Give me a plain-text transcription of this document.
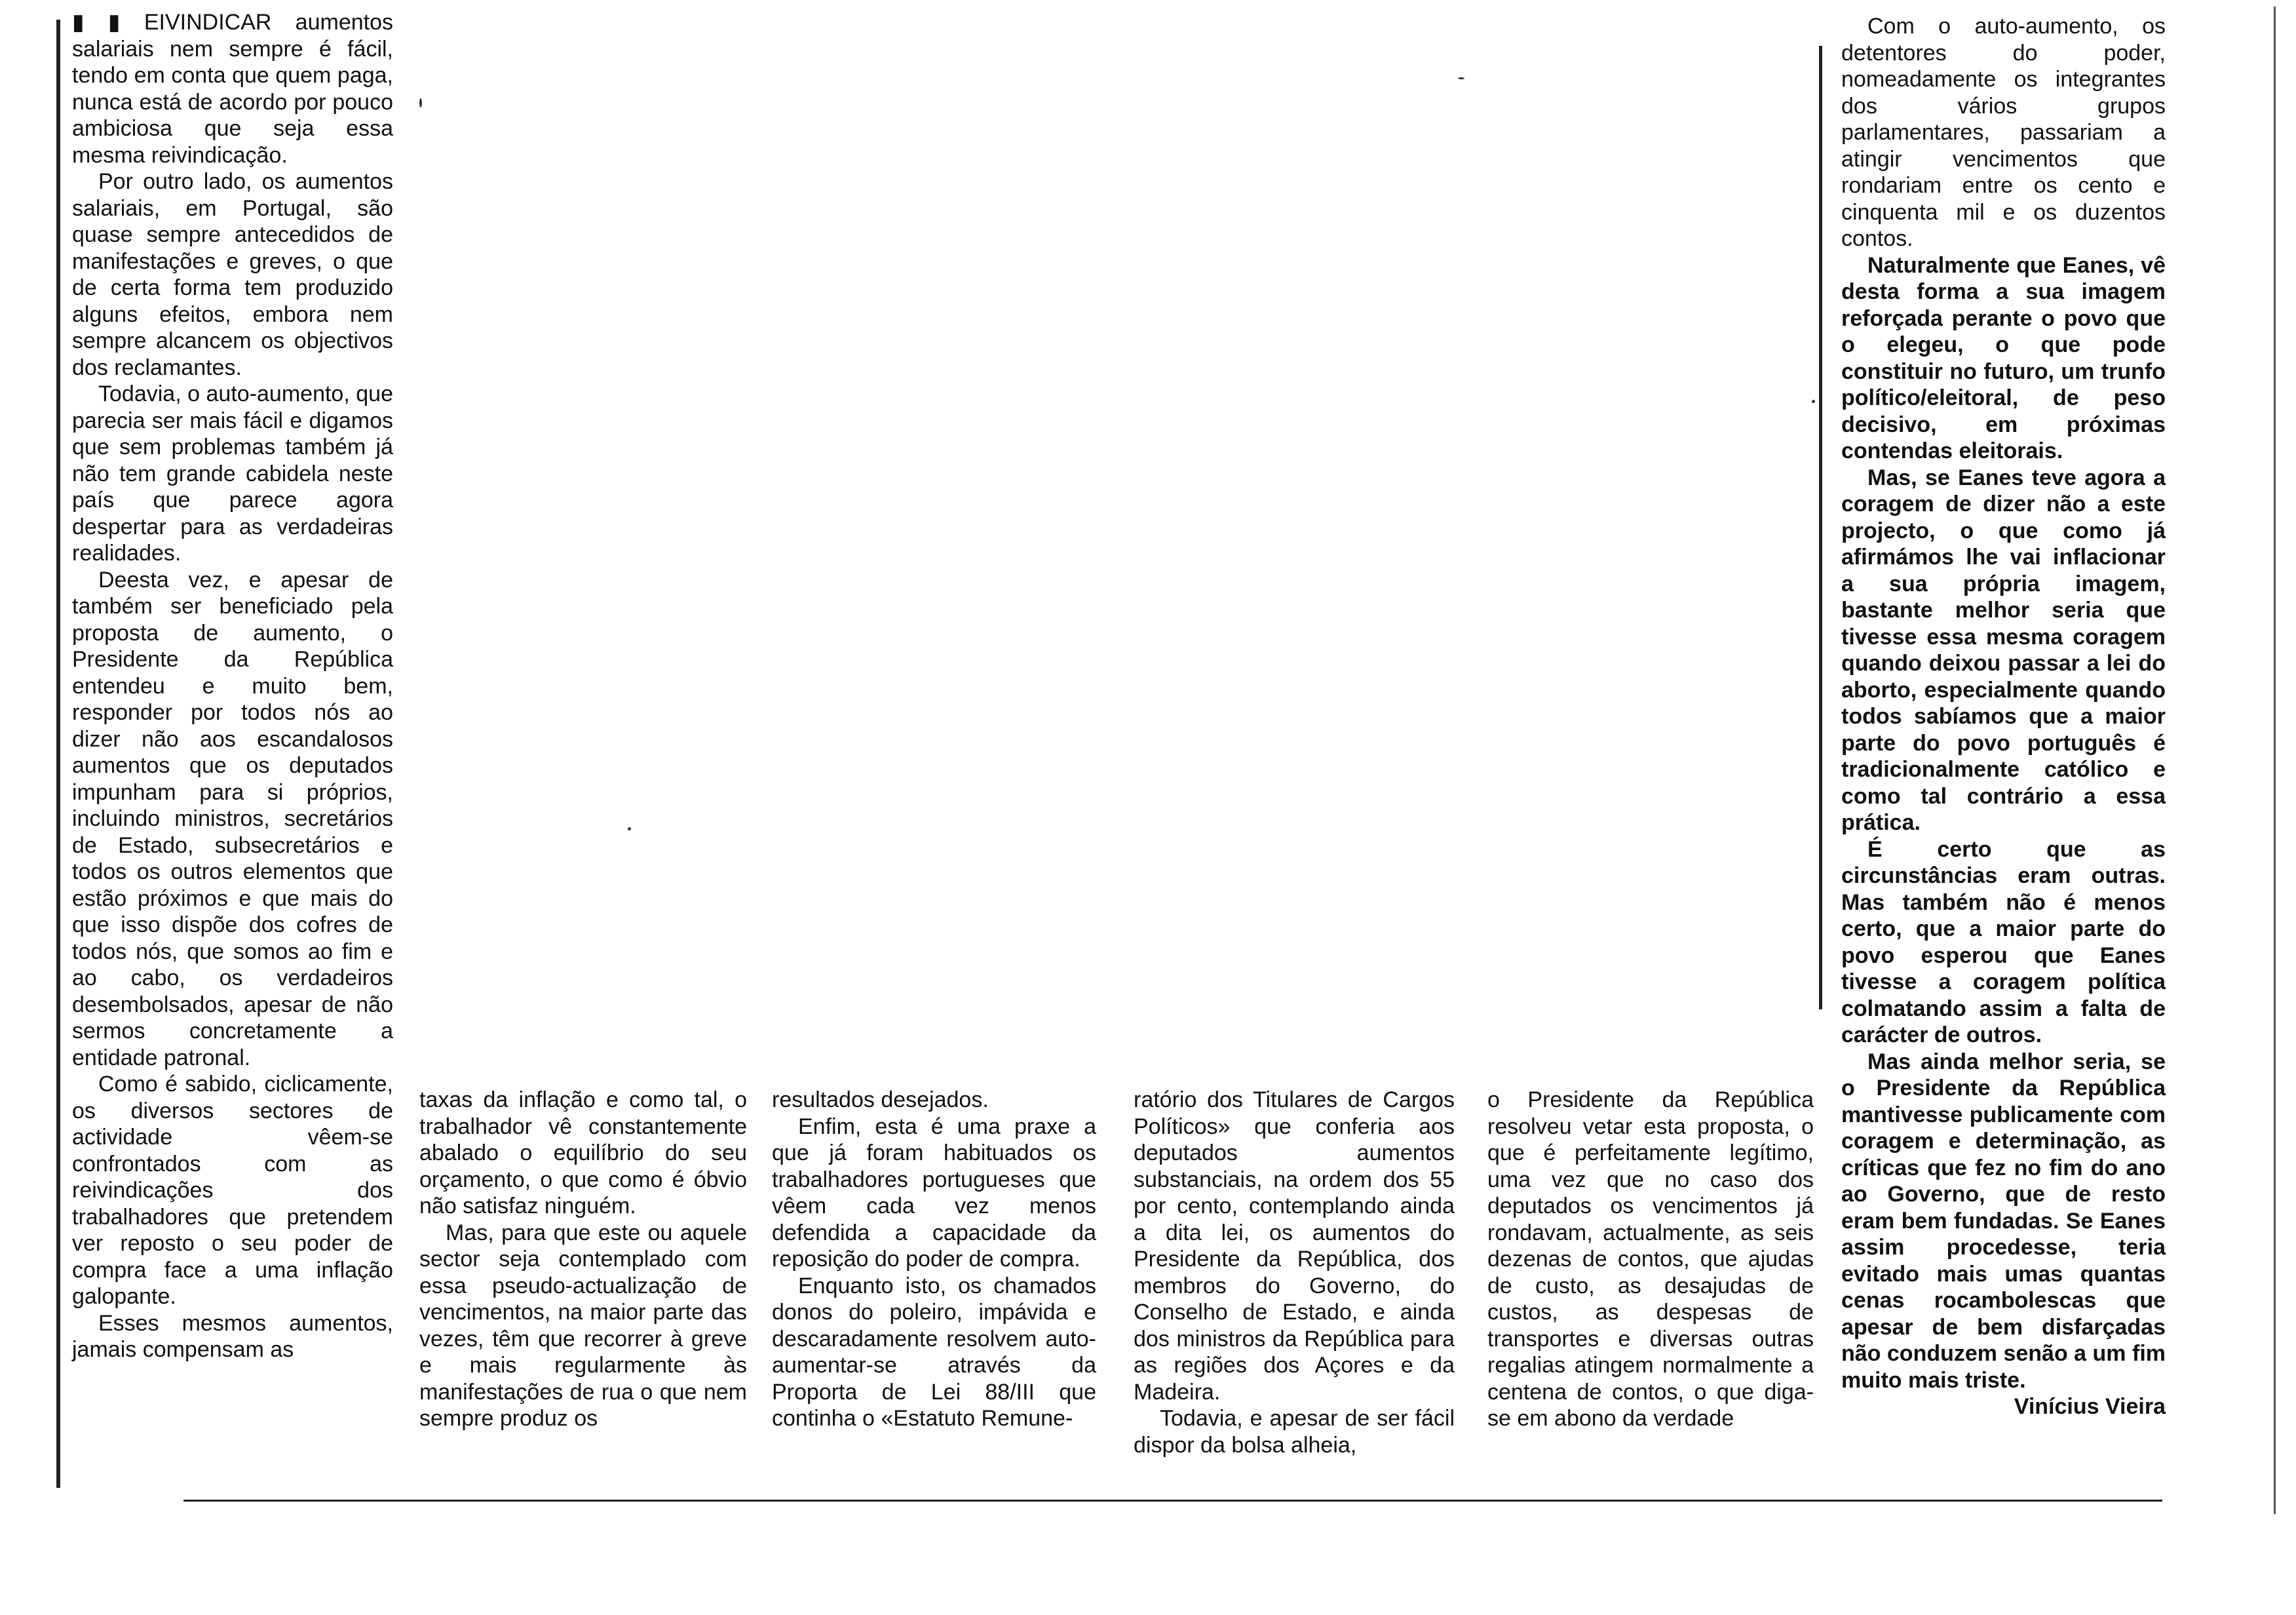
▮ ▮ EIVINDICAR aumentos salariais nem sempre é fácil, tendo em conta que quem paga, nunca está de acordo por pouco ambiciosa que seja essa mesma reivindicação.

Por outro lado, os aumentos salariais, em Portugal, são quase sempre antecedidos de manifestações e greves, o que de certa forma tem produzido alguns efeitos, embora nem sempre alcancem os objectivos dos reclamantes.

Todavia, o auto-aumento, que parecia ser mais fácil e digamos que sem problemas também já não tem grande cabidela neste país que parece agora despertar para as verdadeiras realidades.

Deesta vez, e apesar de também ser beneficiado pela proposta de aumento, o Presidente da República entendeu e muito bem, responder por todos nós ao dizer não aos escandalosos aumentos que os deputados impunham para si próprios, incluindo ministros, secretários de Estado, subsecretários e todos os outros elementos que estão próximos e que mais do que isso dispõe dos cofres de todos nós, que somos ao fim e ao cabo, os verdadeiros desembolsados, apesar de não sermos concretamente a entidade patronal.

Como é sabido, ciclicamente, os diversos sectores de actividade vêem-se confrontados com as reivindicações dos trabalhadores que pretendem ver reposto o seu poder de compra face a uma inflação galopante.

Esses mesmos aumentos, jamais compensam as

taxas da inflação e como tal, o trabalhador vê constantemente abalado o equilíbrio do seu orçamento, o que como é óbvio não satisfaz ninguém.

Mas, para que este ou aquele sector seja contemplado com essa pseudo-actualização de vencimentos, na maior parte das vezes, têm que recorrer à greve e mais regularmente às manifestações de rua o que nem sempre produz os

resultados desejados.

Enfim, esta é uma praxe a que já foram habituados os trabalhadores portugueses que vêem cada vez menos defendida a capacidade da reposição do poder de compra.

Enquanto isto, os chamados donos do poleiro, impávida e descaradamente resolvem auto-aumentar-se através da Proporta de Lei 88/III que continha o «Estatuto Remune-

ratório dos Titulares de Cargos Políticos» que conferia aos deputados aumentos substanciais, na ordem dos 55 por cento, contemplando ainda a dita lei, os aumentos do Presidente da República, dos membros do Governo, do Conselho de Estado, e ainda dos ministros da República para as regiões dos Açores e da Madeira.

Todavia, e apesar de ser fácil dispor da bolsa alheia,

o Presidente da República resolveu vetar esta proposta, o que é perfeitamente legítimo, uma vez que no caso dos deputados os vencimentos já rondavam, actualmente, as seis dezenas de contos, que ajudas de custo, as desajudas de custos, as despesas de transportes e diversas outras regalias atingem normalmente a centena de contos, o que diga-se em abono da verdade

Com o auto-aumento, os detentores do poder, nomeadamente os integrantes dos vários grupos parlamentares, passariam a atingir vencimentos que rondariam entre os cento e cinquenta mil e os duzentos contos.

Naturalmente que Eanes, vê desta forma a sua imagem reforçada perante o povo que o elegeu, o que pode constituir no futuro, um trunfo político/eleitoral, de peso decisivo, em próximas contendas eleitorais.

Mas, se Eanes teve agora a coragem de dizer não a este projecto, o que como já afirmámos lhe vai inflacionar a sua própria imagem, bastante melhor seria que tivesse essa mesma coragem quando deixou passar a lei do aborto, especialmente quando todos sabíamos que a maior parte do povo português é tradicionalmente católico e como tal contrário a essa prática.

É certo que as circunstâncias eram outras. Mas também não é menos certo, que a maior parte do povo esperou que Eanes tivesse a coragem política colmatando assim a falta de carácter de outros.

Mas ainda melhor seria, se o Presidente da República mantivesse publicamente com coragem e determinação, as críticas que fez no fim do ano ao Governo, que de resto eram bem fundadas. Se Eanes assim procedesse, teria evitado mais umas quantas cenas rocambolescas que apesar de bem disfarçadas não conduzem senão a um fim muito mais triste.

Vinícius Vieira
